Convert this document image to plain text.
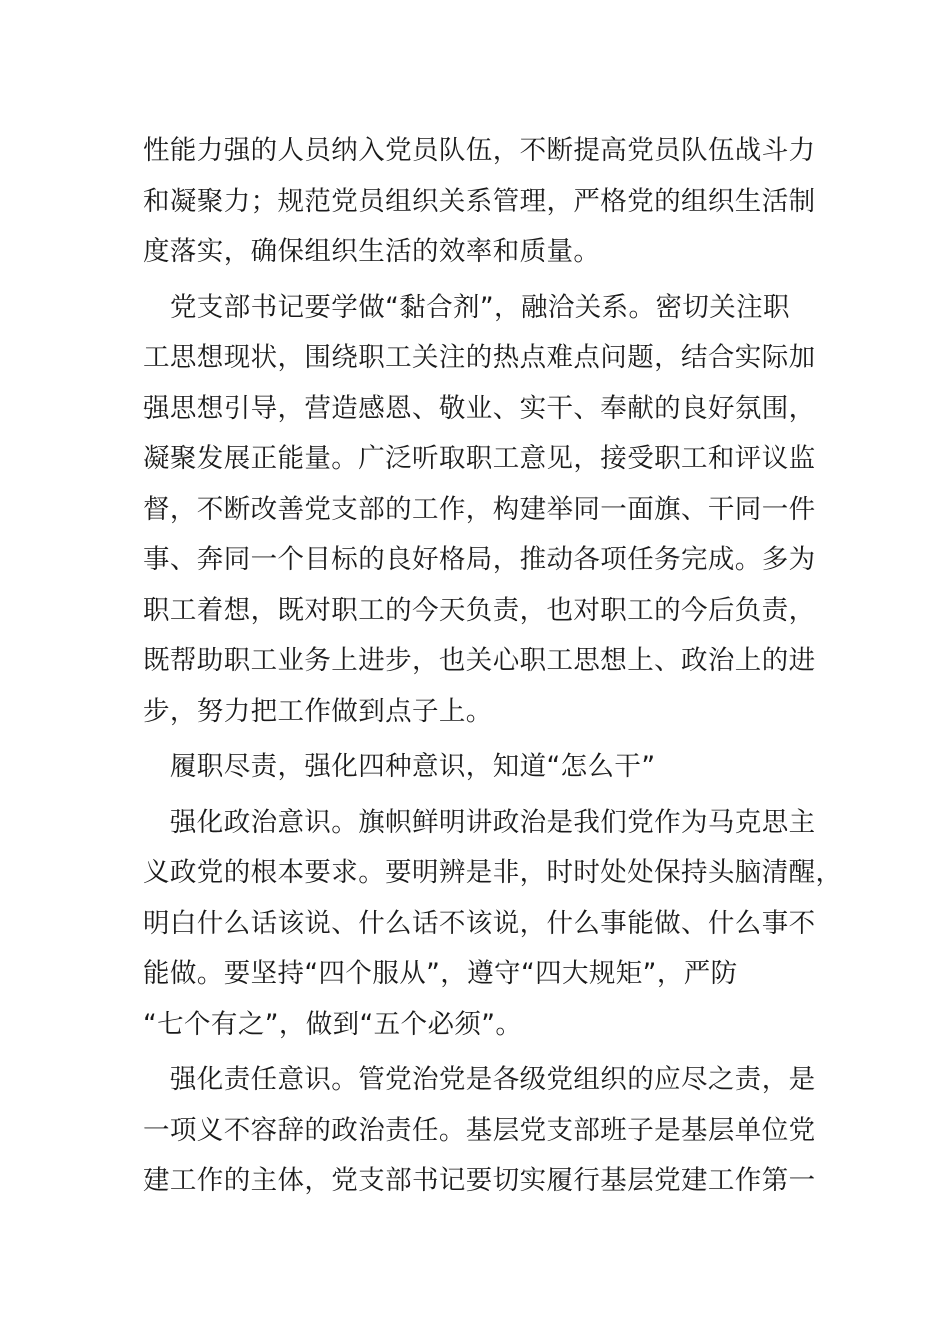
性能力强的人员纳入党员队伍，不断提高党员队伍战斗力
和凝聚力；规范党员组织关系管理，严格党的组织生活制
度落实，确保组织生活的效率和质量。

　党支部书记要学做“黏合剂”，融洽关系。密切关注职
工思想现状，围绕职工关注的热点难点问题，结合实际加
强思想引导，营造感恩、敬业、实干、奉献的良好氛围，
凝聚发展正能量。广泛听取职工意见，接受职工和评议监
督，不断改善党支部的工作，构建举同一面旗、干同一件
事、奔同一个目标的良好格局，推动各项任务完成。多为
职工着想，既对职工的今天负责，也对职工的今后负责，
既帮助职工业务上进步，也关心职工思想上、政治上的进
步，努力把工作做到点子上。

　履职尽责，强化四种意识，知道“怎么干”

　强化政治意识。旗帜鲜明讲政治是我们党作为马克思主
义政党的根本要求。要明辨是非，时时处处保持头脑清醒，
明白什么话该说、什么话不该说，什么事能做、什么事不
能做。要坚持“四个服从”，遵守“四大规矩”，严防
“七个有之”，做到“五个必须”。

　强化责任意识。管党治党是各级党组织的应尽之责，是
一项义不容辞的政治责任。基层党支部班子是基层单位党
建工作的主体，党支部书记要切实履行基层党建工作第一
